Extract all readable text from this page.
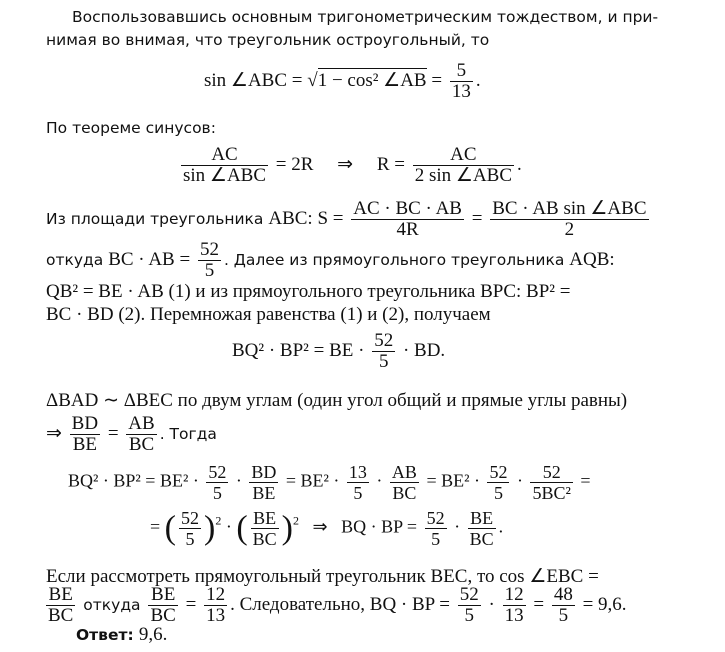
Воспользовавшись основным тригонометрическим тождеством, и при-
нимая во внимая, что треугольник остроугольный, то
sin ∠ABC = √1 − cos² ∠AB = $\frac{5}{13}$ .
По теореме синусов:
$\frac{AC}{\text{sin ∠ABC}} = 2R$     ⇒     $R = \frac{AC}{\text{2 sin ∠ABC}}$ .
Из площади треугольника ABC: $S = \frac{AC \cdot BC \cdot AB}{4R} = \frac{\text{BC · AB sin ∠ABC}}{2}$
откуда BC · AB = $\frac{52}{5}$ . Далее из прямоугольного треугольника AQB:
QB² = BE · AB (1) и из прямоугольного треугольника BPC: BP² =
BC · BD (2). Перемножая равенства (1) и (2), получаем
BQ² · BP² = BE · $\frac{52}{5}$ · BD.
ΔBAD ∼ ΔBEC по двум углам (один угол общий и прямые углы равны)
⇒ $\frac{BD}{BE} = \frac{AB}{BC}$ . Тогда
$BQ^2 \cdot BP^2 = BE^2 \cdot \frac{52}{5} \cdot \frac{BD}{BE} = BE^2 \cdot \frac{13}{5} \cdot \frac{AB}{BC} = BE^2 \cdot \frac{52}{5} \cdot \frac{52}{\text{5BC²}}$ =
= ( $\frac{52}{5} )^2$ · ( $\frac{BE}{BC} )^2$   ⇒   BQ · BP = $\frac{52}{5} \cdot \frac{BE}{BC}$ .
Если рассмотреть прямоугольный треугольник BEC, то cos ∠EBC =
$\frac{BE}{BC}$ откуда $\frac{BE}{BC} = \frac{12}{13}$ . Следовательно, BQ · BP = $\frac{52}{5} \cdot \frac{12}{13} = \frac{48}{5} = 9,6$.
Ответ: 9,6.
